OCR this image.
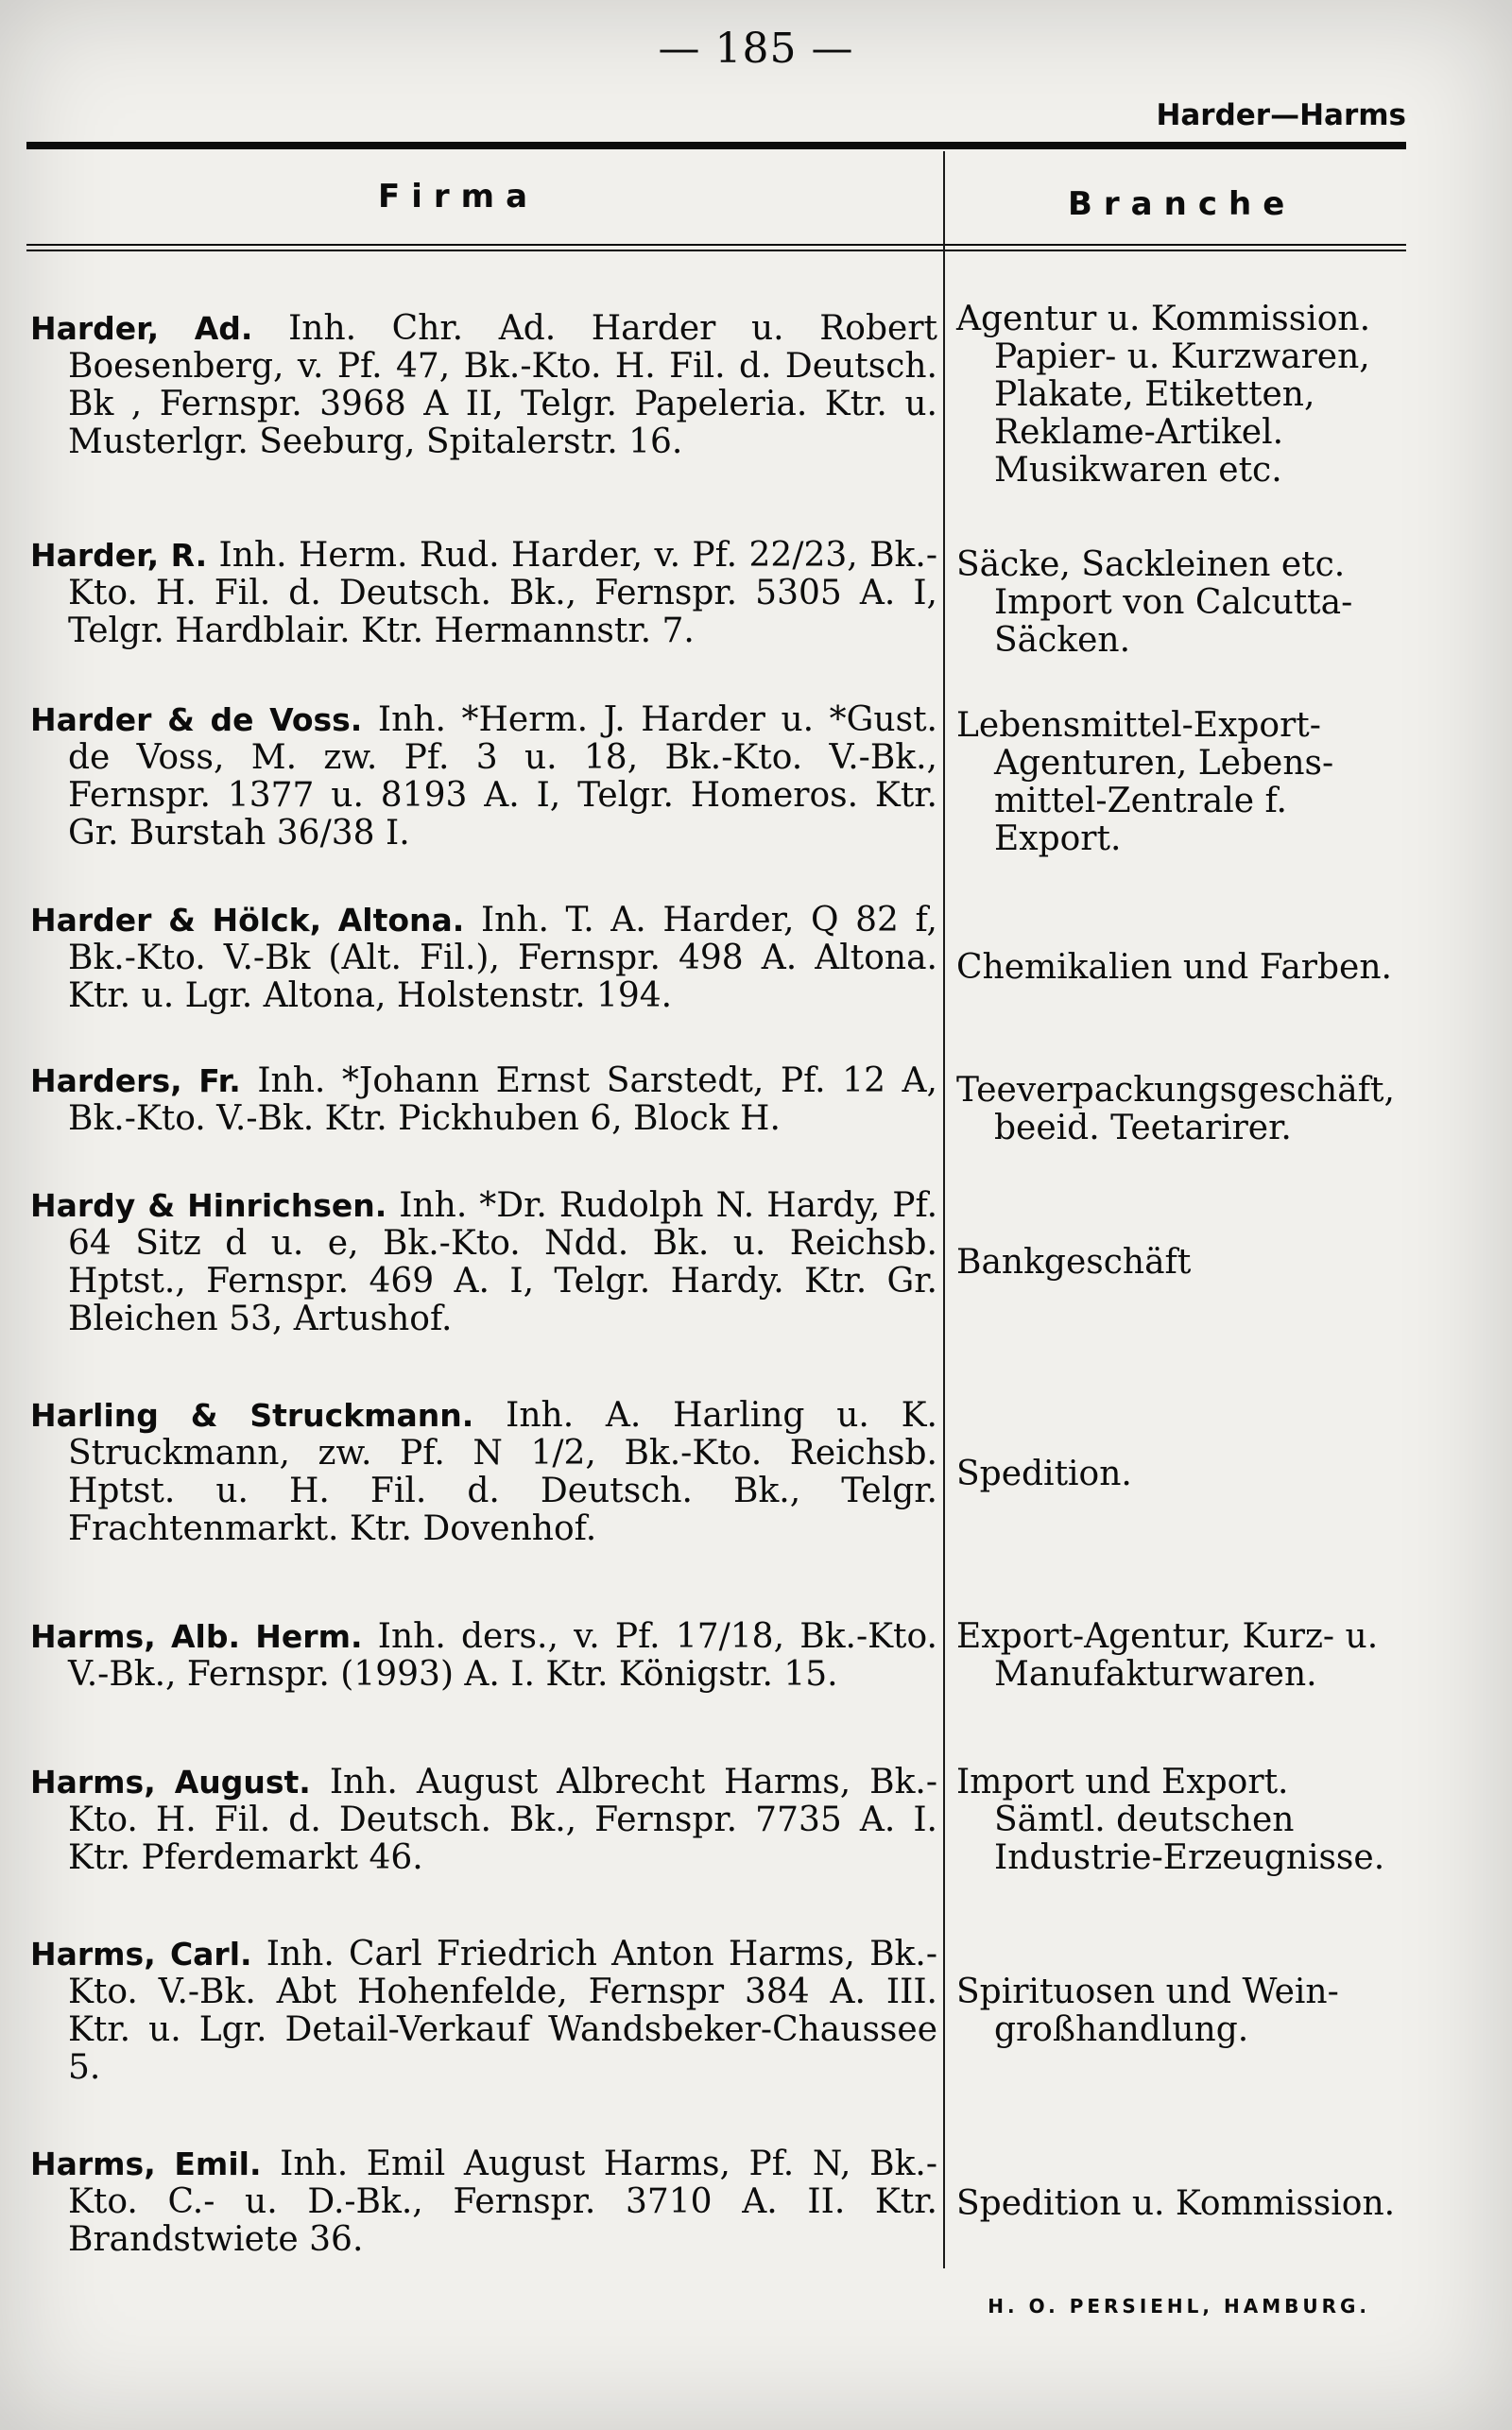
— 185 —
Harder—Harms
Firma	Branche
Harder, Ad. Inh. Chr. Ad. Harder u. Robert Boesenberg, v. Pf. 47, Bk.-Kto. H. Fil. d. Deutsch. Bk , Fernspr. 3968 A II, Telgr. Papeleria. Ktr. u. Musterlgr. Seeburg, Spitalerstr. 16.
Agentur u. Kommission.
Papier- u. Kurzwaren,
Plakate, Etiketten,
Reklame-Artikel.
Musikwaren etc.
Harder, R. Inh. Herm. Rud. Harder, v. Pf. 22/23, Bk.-Kto. H. Fil. d. Deutsch. Bk., Fernspr. 5305 A. I, Telgr. Hardblair. Ktr. Hermannstr. 7.
Säcke, Sackleinen etc.
Import von Calcutta-
Säcken.
Harder & de Voss. Inh. *Herm. J. Harder u. *Gust. de Voss, M. zw. Pf. 3 u. 18, Bk.-Kto. V.-Bk., Fernspr. 1377 u. 8193 A. I, Telgr. Homeros. Ktr. Gr. Burstah 36/38 I.
Lebensmittel-Export-
Agenturen, Lebens-
mittel-Zentrale f.
Export.
Harder & Hölck, Altona. Inh. T. A. Harder, Q 82 f, Bk.-Kto. V.-Bk (Alt. Fil.), Fernspr. 498 A. Altona. Ktr. u. Lgr. Altona, Holstenstr. 194.
Chemikalien und Farben.
Harders, Fr. Inh. *Johann Ernst Sarstedt, Pf. 12 A, Bk.-Kto. V.-Bk. Ktr. Pickhuben 6, Block H.
Teeverpackungsgeschäft,
beeid. Teetarirer.
Hardy & Hinrichsen. Inh. *Dr. Rudolph N. Hardy, Pf. 64 Sitz d u. e, Bk.-Kto. Ndd. Bk. u. Reichsb. Hptst., Fernspr. 469 A. I, Telgr. Hardy. Ktr. Gr. Bleichen 53, Artushof.
Bankgeschäft
Harling & Struckmann. Inh. A. Harling u. K. Struckmann, zw. Pf. N 1/2, Bk.-Kto. Reichsb. Hptst. u. H. Fil. d. Deutsch. Bk., Telgr. Frachtenmarkt. Ktr. Dovenhof.
Spedition.
Harms, Alb. Herm. Inh. ders., v. Pf. 17/18, Bk.-Kto. V.-Bk., Fernspr. (1993) A. I. Ktr. Königstr. 15.
Export-Agentur, Kurz- u.
Manufakturwaren.
Harms, August. Inh. August Albrecht Harms, Bk.-Kto. H. Fil. d. Deutsch. Bk., Fernspr. 7735 A. I. Ktr. Pferdemarkt 46.
Import und Export.
Sämtl. deutschen
Industrie-Erzeugnisse.
Harms, Carl. Inh. Carl Friedrich Anton Harms, Bk.-Kto. V.-Bk. Abt Hohenfelde, Fernspr 384 A. III. Ktr. u. Lgr. Detail-Verkauf Wandsbeker-Chaussee 5.
Spirituosen und Wein-
großhandlung.
Harms, Emil. Inh. Emil August Harms, Pf. N, Bk.-Kto. C.- u. D.-Bk., Fernspr. 3710 A. II. Ktr. Brandstwiete 36.
Spedition u. Kommission.
H. O. PERSIEHL, HAMBURG.
